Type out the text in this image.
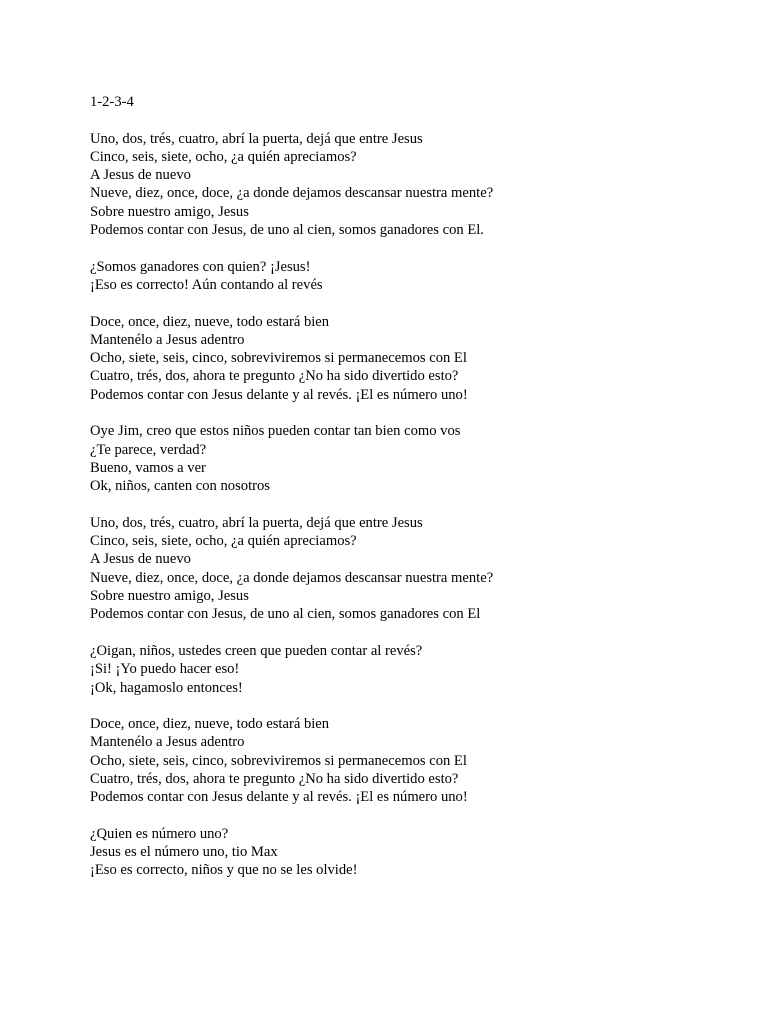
1-2-3-4
Uno, dos, trés, cuatro, abrí la puerta, dejá que entre Jesus
Cinco, seis, siete, ocho, ¿a quién apreciamos?
A Jesus de nuevo
Nueve, diez, once, doce, ¿a donde dejamos descansar nuestra mente?
Sobre nuestro amigo, Jesus
Podemos contar con Jesus, de uno al cien, somos ganadores con El.
¿Somos ganadores con quien? ¡Jesus!
¡Eso es correcto! Aún contando al revés
Doce, once, diez, nueve, todo estará bien
Mantenélo a Jesus adentro
Ocho, siete, seis, cinco, sobreviviremos si permanecemos con El
Cuatro, trés, dos, ahora te pregunto ¿No ha sido divertido esto?
Podemos contar con Jesus delante y al revés. ¡El es número uno!
Oye Jim, creo que estos niños pueden contar tan bien como vos
¿Te parece, verdad?
Bueno, vamos a ver
Ok, niños, canten con nosotros
Uno, dos, trés, cuatro, abrí la puerta, dejá que entre Jesus
Cinco, seis, siete, ocho, ¿a quién apreciamos?
A Jesus de nuevo
Nueve, diez, once, doce, ¿a donde dejamos descansar nuestra mente?
Sobre nuestro amigo, Jesus
Podemos contar con Jesus, de uno al cien, somos ganadores con El
¿Oigan, niños, ustedes creen que pueden contar al revés?
¡Si! ¡Yo puedo hacer eso!
¡Ok, hagamoslo entonces!
Doce, once, diez, nueve, todo estará bien
Mantenélo a Jesus adentro
Ocho, siete, seis, cinco, sobreviviremos si permanecemos con El
Cuatro, trés, dos, ahora te pregunto ¿No ha sido divertido esto?
Podemos contar con Jesus delante y al revés. ¡El es número uno!
¿Quien es número uno?
Jesus es el número uno, tio Max
¡Eso es correcto, niños y que no se les olvide!
